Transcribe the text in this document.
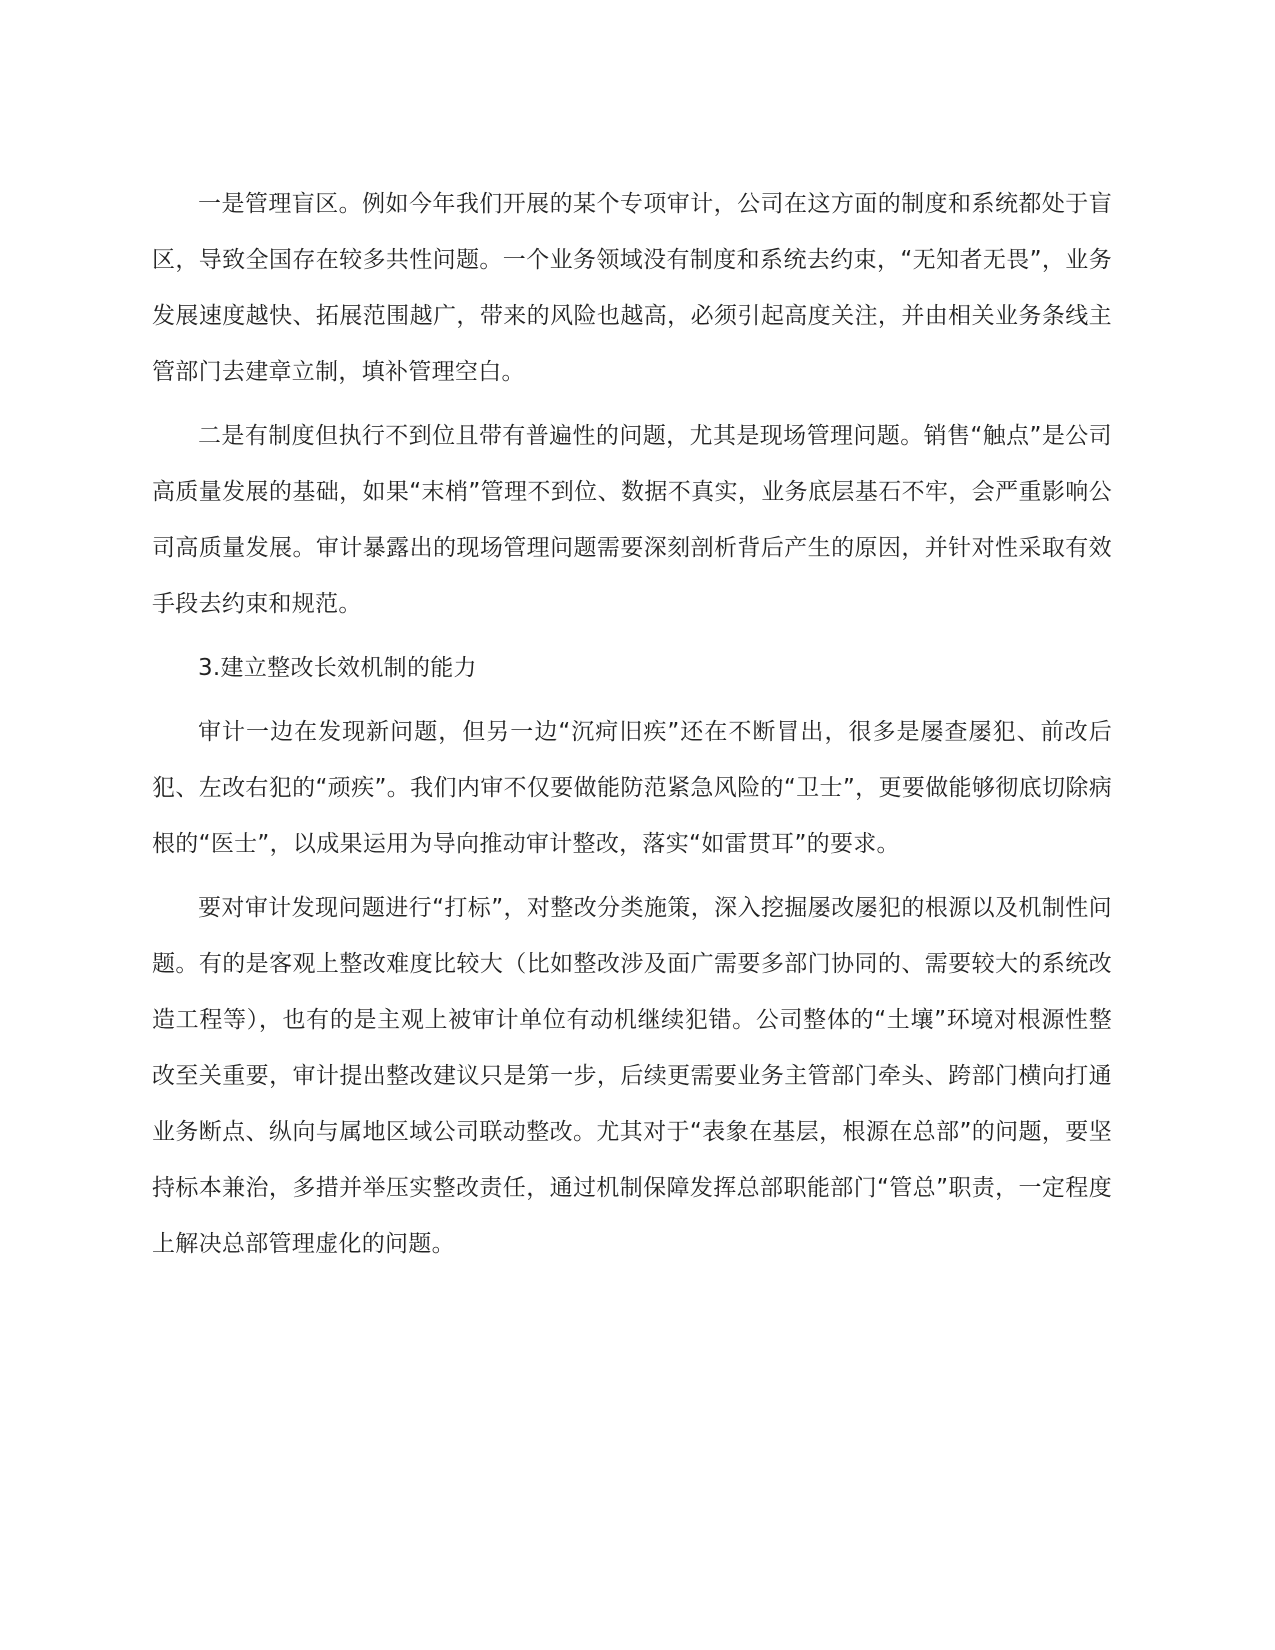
一是管理盲区。例如今年我们开展的某个专项审计，公司在这方面的制度和系统都处于盲区，导致全国存在较多共性问题。一个业务领域没有制度和系统去约束，“无知者无畏”，业务发展速度越快、拓展范围越广，带来的风险也越高，必须引起高度关注，并由相关业务条线主管部门去建章立制，填补管理空白。

二是有制度但执行不到位且带有普遍性的问题，尤其是现场管理问题。销售“触点”是公司高质量发展的基础，如果“末梢”管理不到位、数据不真实，业务底层基石不牢，会严重影响公司高质量发展。审计暴露出的现场管理问题需要深刻剖析背后产生的原因，并针对性采取有效手段去约束和规范。

3.建立整改长效机制的能力

审计一边在发现新问题，但另一边“沉疴旧疾”还在不断冒出，很多是屡查屡犯、前改后犯、左改右犯的“顽疾”。我们内审不仅要做能防范紧急风险的“卫士”，更要做能够彻底切除病根的“医士”，以成果运用为导向推动审计整改，落实“如雷贯耳”的要求。

要对审计发现问题进行“打标”，对整改分类施策，深入挖掘屡改屡犯的根源以及机制性问题。有的是客观上整改难度比较大（比如整改涉及面广需要多部门协同的、需要较大的系统改造工程等），也有的是主观上被审计单位有动机继续犯错。公司整体的“土壤”环境对根源性整改至关重要，审计提出整改建议只是第一步，后续更需要业务主管部门牵头、跨部门横向打通业务断点、纵向与属地区域公司联动整改。尤其对于“表象在基层，根源在总部”的问题，要坚持标本兼治，多措并举压实整改责任，通过机制保障发挥总部职能部门“管总”职责，一定程度上解决总部管理虚化的问题。
